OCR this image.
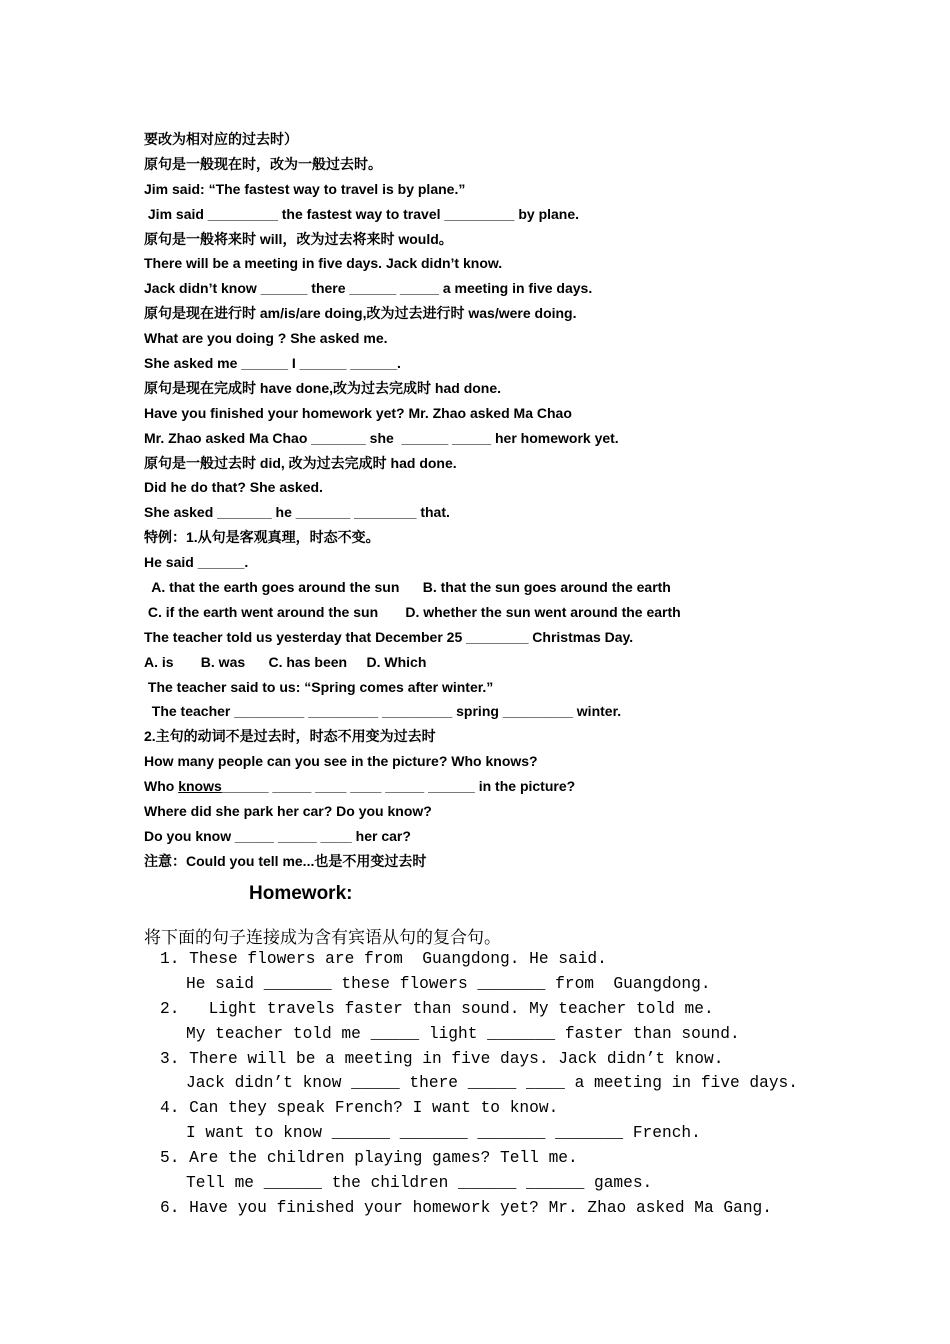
要改为相对应的过去时）
原句是一般现在时，改为一般过去时。
Jim said: “The fastest way to travel is by plane.”
Jim said _________ the fastest way to travel _________ by plane.
原句是一般将来时 will，改为过去将来时 would。
There will be a meeting in five days. Jack didn’t know.
Jack didn’t know ______ there ______ _____ a meeting in five days.
原句是现在进行时 am/is/are doing,改为过去进行时 was/were doing.
What are you doing ? She asked me.
She asked me ______ I ______ ______.
原句是现在完成时 have done,改为过去完成时 had done.
Have you finished your homework yet? Mr. Zhao asked Ma Chao
Mr. Zhao asked Ma Chao _______ she  ______ _____ her homework yet.
原句是一般过去时 did, 改为过去完成时 had done.
Did he do that? She asked.
She asked _______ he _______ ________ that.
特例：1.从句是客观真理，时态不变。
He said ______.
A. that the earth goes around the sun      B. that the sun goes around the earth
C. if the earth went around the sun       D. whether the sun went around the earth
The teacher told us yesterday that December 25 ________ Christmas Day.
A. is       B. was      C. has been     D. Which
The teacher said to us: “Spring comes after winter.”
The teacher _________ _________ _________ spring _________ winter.
2.主句的动词不是过去时，时态不用变为过去时
How many people can you see in the picture? Who knows?
Who knows______ _____ ____ ____ _____ ______ in the picture?
Where did she park her car? Do you know?
Do you know _____ _____ ____ her car?
注意：Could you tell me...也是不用变过去时
Homework:
将下面的句子连接成为含有宾语从句的复合句。
1. These flowers are from  Guangdong. He said.
He said _______ these flowers _______ from  Guangdong.
2.   Light travels faster than sound. My teacher told me.
My teacher told me _____ light _______ faster than sound.
3. There will be a meeting in five days. Jack didn’t know.
Jack didn’t know _____ there _____ ____ a meeting in five days.
4. Can they speak French? I want to know.
I want to know ______ _______ _______ _______ French.
5. Are the children playing games? Tell me.
Tell me ______ the children ______ ______ games.
6. Have you finished your homework yet? Mr. Zhao asked Ma Gang.
